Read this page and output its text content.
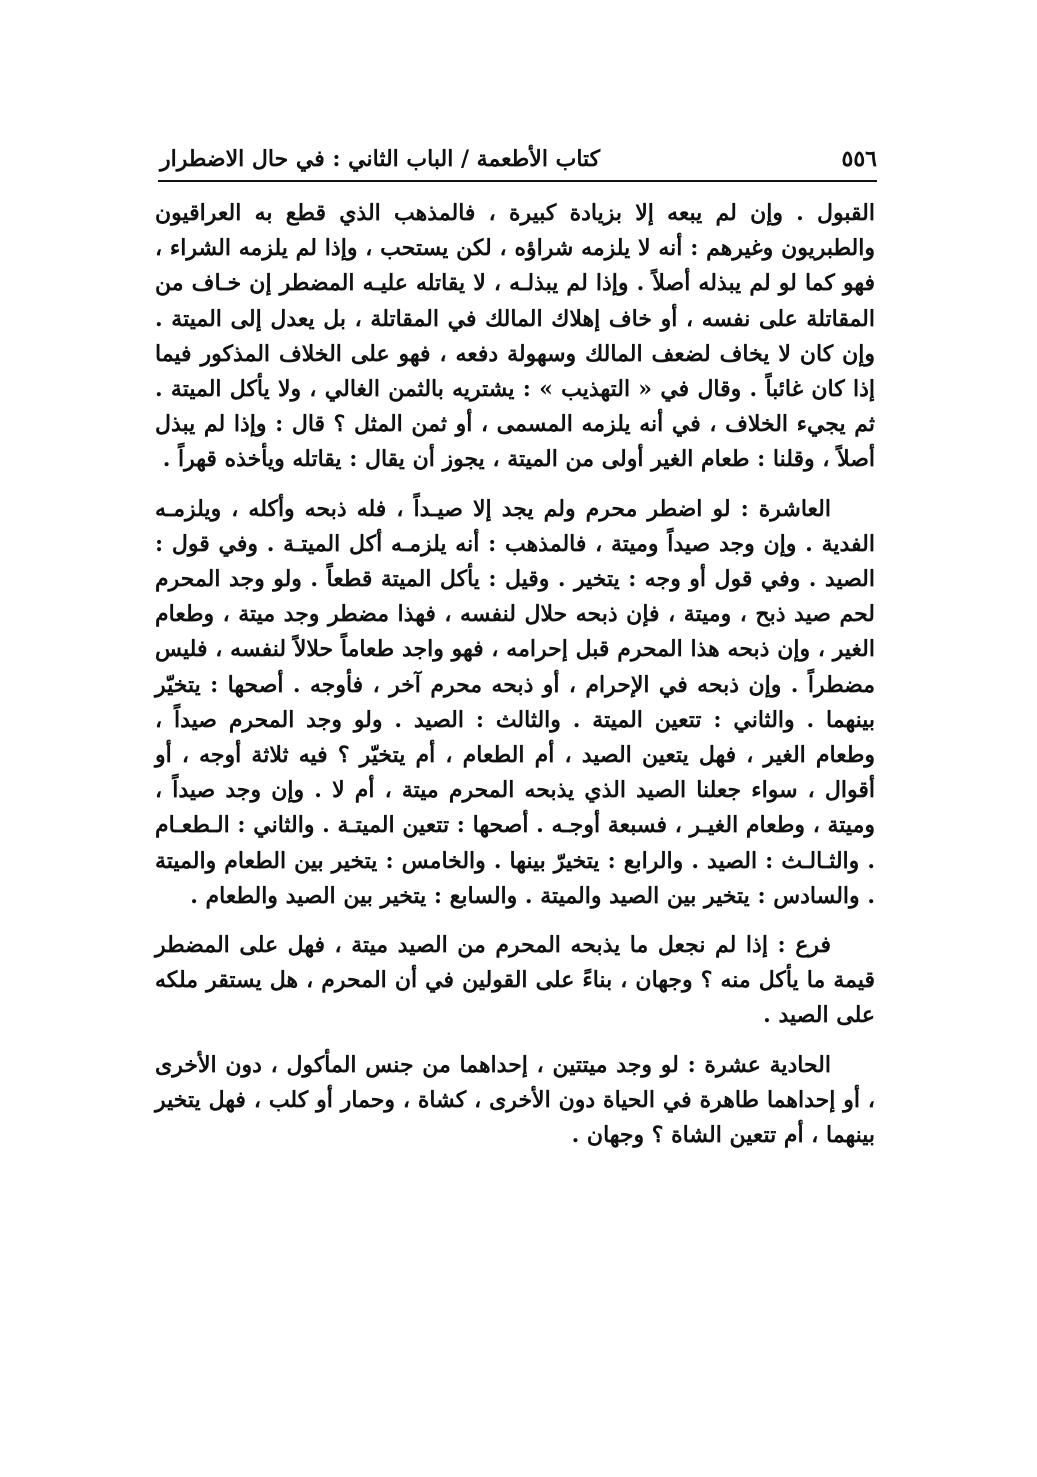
٥٥٦
كتاب الأطعمة / الباب الثاني : في حال الاضطرار

القبول . وإن لم يبعه إلا بزيادة كبيرة ، فالمذهب الذي قطع به العراقيون والطبريون وغيرهم : أنه لا يلزمه شراؤه ، لكن يستحب ، وإذا لم يلزمه الشراء ، فهو كما لو لم يبذله أصلاً . وإذا لم يبذلـه ، لا يقاتله عليـه المضطر إن خـاف من المقاتلة على نفسه ، أو خاف إهلاك المالك في المقاتلة ، بل يعدل إلى الميتة . وإن كان لا يخاف لضعف المالك وسهولة دفعه ، فهو على الخلاف المذكور فيما إذا كان غائباً . وقال في « التهذيب » : يشتريه بالثمن الغالي ، ولا يأكل الميتة . ثم يجيء الخلاف ، في أنه يلزمه المسمى ، أو ثمن المثل ؟ قال : وإذا لم يبذل أصلاً ، وقلنا : طعام الغير أولى من الميتة ، يجوز أن يقال : يقاتله ويأخذه قهراً .

العاشرة : لو اضطر محرم ولم يجد إلا صيـداً ، فله ذبحه وأكله ، ويلزمـه الفدية . وإن وجد صيداً وميتة ، فالمذهب : أنه يلزمـه أكل الميتـة . وفي قول : الصيد . وفي قول أو وجه : يتخير . وقيل : يأكل الميتة قطعاً . ولو وجد المحرم لحم صيد ذبح ، وميتة ، فإن ذبحه حلال لنفسه ، فهذا مضطر وجد ميتة ، وطعام الغير ، وإن ذبحه هذا المحرم قبل إحرامه ، فهو واجد طعاماً حلالاً لنفسه ، فليس مضطراً . وإن ذبحه في الإحرام ، أو ذبحه محرم آخر ، فأوجه . أصحها : يتخيّر بينهما . والثاني : تتعين الميتة . والثالث : الصيد . ولو وجد المحرم صيداً ، وطعام الغير ، فهل يتعين الصيد ، أم الطعام ، أم يتخيّر ؟ فيه ثلاثة أوجه ، أو أقوال ، سواء جعلنا الصيد الذي يذبحه المحرم ميتة ، أم لا . وإن وجد صيداً ، وميتة ، وطعام الغيـر ، فسبعة أوجـه . أصحها : تتعين الميتـة . والثاني : الـطعـام . والثـالـث : الصيد . والرابع : يتخيرّ بينها . والخامس : يتخير بين الطعام والميتة . والسادس : يتخير بين الصيد والميتة . والسابع : يتخير بين الصيد والطعام .

فرع : إذا لم نجعل ما يذبحه المحرم من الصيد ميتة ، فهل على المضطر قيمة ما يأكل منه ؟ وجهان ، بناءً على القولين في أن المحرم ، هل يستقر ملكه على الصيد .

الحادية عشرة : لو وجد ميتتين ، إحداهما من جنس المأكول ، دون الأخرى ، أو إحداهما طاهرة في الحياة دون الأخرى ، كشاة ، وحمار أو كلب ، فهل يتخير بينهما ، أم تتعين الشاة ؟ وجهان .
